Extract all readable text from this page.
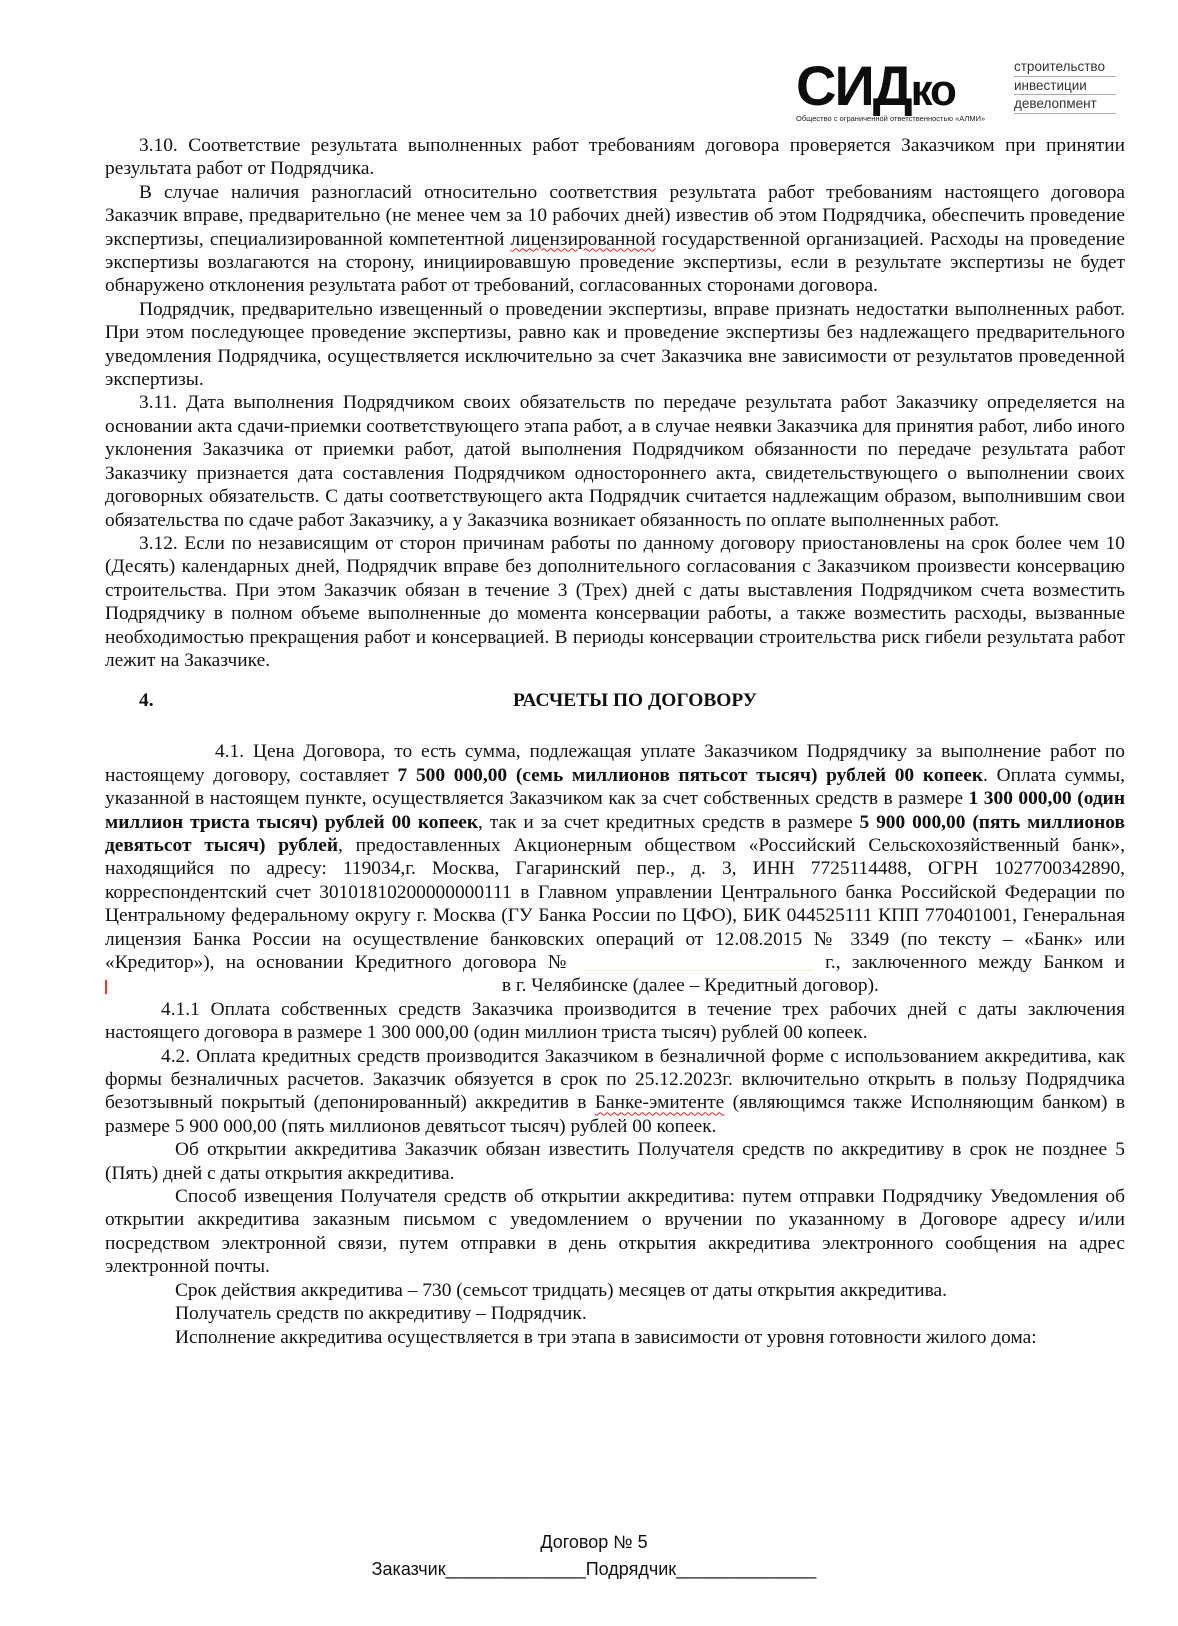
СИДко	строительство
инвестиции
девелопмент
Общество с ограниченной ответственностью «АЛМИ»

3.10. Соответствие результата выполненных работ требованиям договора проверяется Заказчиком при принятии результата работ от Подрядчика.

В случае наличия разногласий относительно соответствия результата работ требованиям настоящего договора Заказчик вправе, предварительно (не менее чем за 10 рабочих дней) известив об этом Подрядчика, обеспечить проведение экспертизы, специализированной компетентной лицензированной государственной организацией. Расходы на проведение экспертизы возлагаются на сторону, инициировавшую проведение экспертизы, если в результате экспертизы не будет обнаружено отклонения результата работ от требований, согласованных сторонами договора.

Подрядчик, предварительно извещенный о проведении экспертизы, вправе признать недостатки выполненных работ. При этом последующее проведение экспертизы, равно как и проведение экспертизы без надлежащего предварительного уведомления Подрядчика, осуществляется исключительно за счет Заказчика вне зависимости от результатов проведенной экспертизы.

3.11. Дата выполнения Подрядчиком своих обязательств по передаче результата работ Заказчику определяется на основании акта сдачи-приемки соответствующего этапа работ, а в случае неявки Заказчика для принятия работ, либо иного уклонения Заказчика от приемки работ, датой выполнения Подрядчиком обязанности по передаче результата работ Заказчику признается дата составления Подрядчиком одностороннего акта, свидетельствующего о выполнении своих договорных обязательств. С даты соответствующего акта Подрядчик считается надлежащим образом, выполнившим свои обязательства по сдаче работ Заказчику, а у Заказчика возникает обязанность по оплате выполненных работ.

3.12. Если по независящим от сторон причинам работы по данному договору приостановлены на срок более чем 10 (Десять) календарных дней, Подрядчик вправе без дополнительного согласования с Заказчиком произвести консервацию строительства. При этом Заказчик обязан в течение 3 (Трех) дней с даты выставления Подрядчиком счета возместить Подрядчику в полном объеме выполненные до момента консервации работы, а также возместить расходы, вызванные необходимостью прекращения работ и консервацией. В периоды консервации строительства риск гибели результата работ лежит на Заказчике.

4.	РАСЧЕТЫ ПО ДОГОВОРУ

4.1. Цена Договора, то есть сумма, подлежащая уплате Заказчиком Подрядчику за выполнение работ по настоящему договору, составляет 7 500 000,00 (семь миллионов пятьсот тысяч) рублей 00 копеек. Оплата суммы, указанной в настоящем пункте, осуществляется Заказчиком как за счет собственных средств в размере 1 300 000,00 (один миллион триста тысяч) рублей 00 копеек, так и за счет кредитных средств в размере 5 900 000,00 (пять миллионов девятьсот тысяч) рублей, предоставленных Акционерным обществом «Российский Сельскохозяйственный банк», находящийся по адресу: 119034,г. Москва, Гагаринский пер., д. 3, ИНН 7725114488, ОГРН 1027700342890, корреспондентский счет 30101810200000000111 в Главном управлении Центрального банка Российской Федерации по Центральному федеральному округу г. Москва (ГУ Банка России по ЦФО), БИК 044525111 КПП 770401001, Генеральная лицензия Банка России на осуществление банковских операций от 12.08.2015 № 3349 (по тексту – «Банк» или «Кредитор»), на основании Кредитного договора №	г., заключенного между Банком и  в г. Челябинске (далее – Кредитный договор).

4.1.1 Оплата собственных средств Заказчика производится в течение трех рабочих дней с даты заключения настоящего договора в размере 1 300 000,00 (один миллион триста тысяч) рублей 00 копеек.

4.2. Оплата кредитных средств производится Заказчиком в безналичной форме с использованием аккредитива, как формы безналичных расчетов. Заказчик обязуется в срок по 25.12.2023г. включительно открыть в пользу Подрядчика безотзывный покрытый (депонированный) аккредитив в Банке-эмитенте (являющимся также Исполняющим банком) в размере 5 900 000,00 (пять миллионов девятьсот тысяч) рублей 00 копеек.

Об открытии аккредитива Заказчик обязан известить Получателя средств по аккредитиву в срок не позднее 5 (Пять) дней с даты открытия аккредитива.

Способ извещения Получателя средств об открытии аккредитива: путем отправки Подрядчику Уведомления об открытии аккредитива заказным письмом с уведомлением о вручении по указанному в Договоре адресу и/или посредством электронной связи, путем отправки в день открытия аккредитива электронного сообщения на адрес электронной почты.

Срок действия аккредитива – 730 (семьсот тридцать) месяцев от даты открытия аккредитива.

Получатель средств по аккредитиву – Подрядчик.

Исполнение аккредитива осуществляется в три этапа в зависимости от уровня готовности жилого дома:

Договор № 5
Заказчик______________Подрядчик______________
